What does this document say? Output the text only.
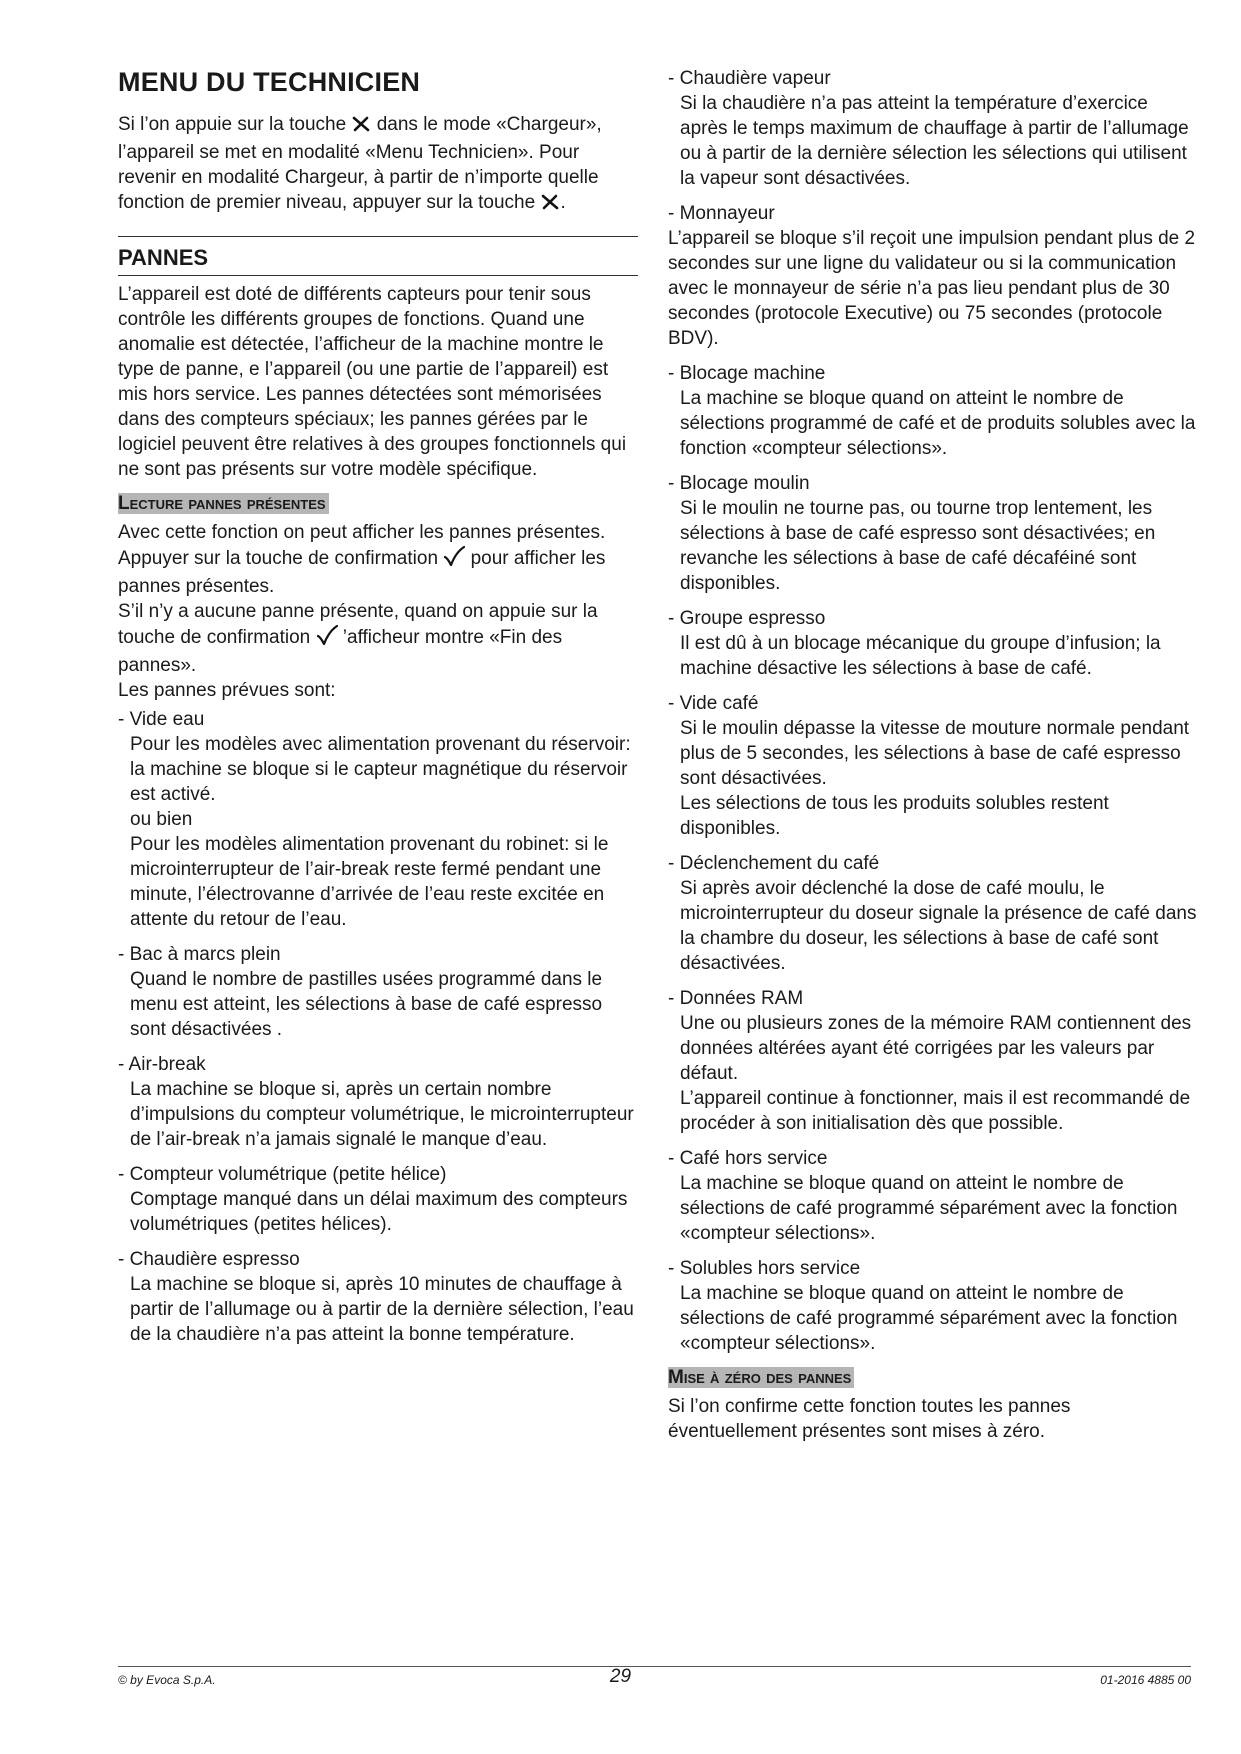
MENU DU TECHNICIEN

Si l’on appuie sur la touche dans le mode «Chargeur», l’appareil se met en modalité «Menu Technicien». Pour revenir en modalité Chargeur, à partir de n’importe quelle fonction de premier niveau, appuyer sur la touche .

PANNES

L’appareil est doté de différents capteurs pour tenir sous contrôle les différents groupes de fonctions. Quand une anomalie est détectée, l’afficheur de la machine montre le type de panne, e l’appareil (ou une partie de l’appareil) est mis hors service. Les pannes détectées sont mémorisées dans des compteurs spéciaux; les pannes gérées par le logiciel peuvent être relatives à des groupes fonctionnels qui ne sont pas présents sur votre modèle spécifique.

Lecture pannes présentes

Avec cette fonction on peut afficher les pannes présentes.

Appuyer sur la touche de confirmation pour afficher les pannes présentes.

S’il n’y a aucune panne présente, quand on appuie sur la touche de confirmation ’afficheur montre «Fin des pannes».

Les pannes prévues sont:

- Vide eau
Pour les modèles avec alimentation provenant du réservoir: la machine se bloque si le capteur magnétique du réservoir est activé.
ou bien
Pour les modèles alimentation provenant du robinet: si le microinterrupteur de l’air-break reste fermé pendant une minute, l’électrovanne d’arrivée de l’eau reste excitée en attente du retour de l’eau.
- Bac à marcs plein
Quand le nombre de pastilles usées programmé dans le menu est atteint, les sélections à base de café espresso sont désactivées .
- Air-break
La machine se bloque si, après un certain nombre d’impulsions du compteur volumétrique, le microinterrupteur de l’air-break n’a jamais signalé le manque d’eau.
- Compteur volumétrique (petite hélice)
Comptage manqué dans un délai maximum des compteurs volumétriques (petites hélices).
- Chaudière espresso
La machine se bloque si, après 10 minutes de chauffage à partir de l’allumage ou à partir de la dernière sélection, l’eau de la chaudière n’a pas atteint la bonne température.
- Chaudière vapeur
Si la chaudière n’a pas atteint la température d’exercice après le temps maximum de chauffage à partir de l’allumage ou à partir de la dernière sélection les sélections qui utilisent la vapeur sont désactivées.
- Monnayeur
L’appareil se bloque s’il reçoit une impulsion pendant plus de 2 secondes sur une ligne du validateur ou si la communication avec le monnayeur de série n’a pas lieu pendant plus de 30 secondes (protocole Executive) ou 75 secondes (protocole BDV).
- Blocage machine
La machine se bloque quand on atteint le nombre de sélections programmé de café et de produits solubles avec la fonction «compteur sélections».
- Blocage moulin
Si le moulin ne tourne pas, ou tourne trop lentement, les sélections à base de café espresso sont désactivées; en revanche les sélections à base de café décaféiné sont disponibles.
- Groupe espresso
Il est dû à un blocage mécanique du groupe d’infusion; la machine désactive les sélections à base de café.
- Vide café
Si le moulin dépasse la vitesse de mouture normale pendant plus de 5 secondes, les sélections à base de café espresso sont désactivées.
Les sélections de tous les produits solubles restent disponibles.
- Déclenchement du café
Si après avoir déclenché la dose de café moulu, le microinterrupteur du doseur signale la présence de café dans la chambre du doseur, les sélections à base de café sont désactivées.
- Données RAM
Une ou plusieurs zones de la mémoire RAM contiennent des données altérées ayant été corrigées par les valeurs par défaut.
L’appareil continue à fonctionner, mais il est recommandé de procéder à son initialisation dès que possible.
- Café hors service
La machine se bloque quand on atteint le nombre de sélections de café programmé séparément avec la fonction «compteur sélections».
- Solubles hors service
La machine se bloque quand on atteint le nombre de sélections de café programmé séparément avec la fonction «compteur sélections».
Mise à zéro des pannes

Si l’on confirme cette fonction toutes les pannes éventuellement présentes sont mises à zéro.

© by Evoca S.p.A.	29	01-2016 4885 00
